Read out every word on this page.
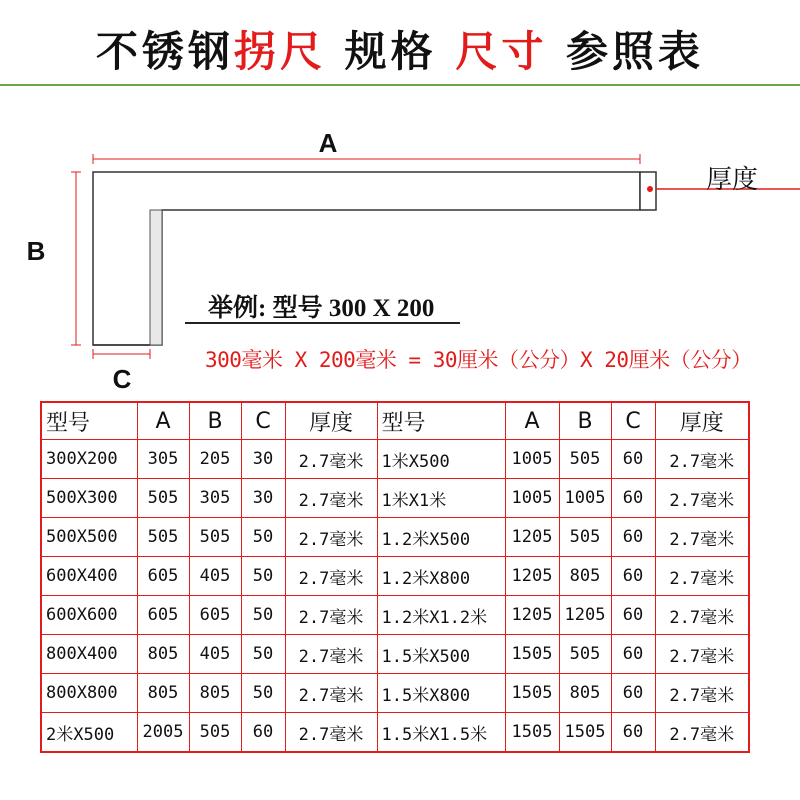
不锈钢拐尺 规格 尺寸 参照表
A
B
C
厚度
举例: 型号 300 X 200
300毫米 X 200毫米 = 30厘米（公分）X 20厘米（公分）
型号	A	B	C	厚度	型号	A	B	C	厚度
300X200	305	205	30	2.7毫米	1米X500	1005	505	60	2.7毫米
500X300	505	305	30	2.7毫米	1米X1米	1005	1005	60	2.7毫米
500X500	505	505	50	2.7毫米	1.2米X500	1205	505	60	2.7毫米
600X400	605	405	50	2.7毫米	1.2米X800	1205	805	60	2.7毫米
600X600	605	605	50	2.7毫米	1.2米X1.2米	1205	1205	60	2.7毫米
800X400	805	405	50	2.7毫米	1.5米X500	1505	505	60	2.7毫米
800X800	805	805	50	2.7毫米	1.5米X800	1505	805	60	2.7毫米
2米X500	2005	505	60	2.7毫米	1.5米X1.5米	1505	1505	60	2.7毫米
